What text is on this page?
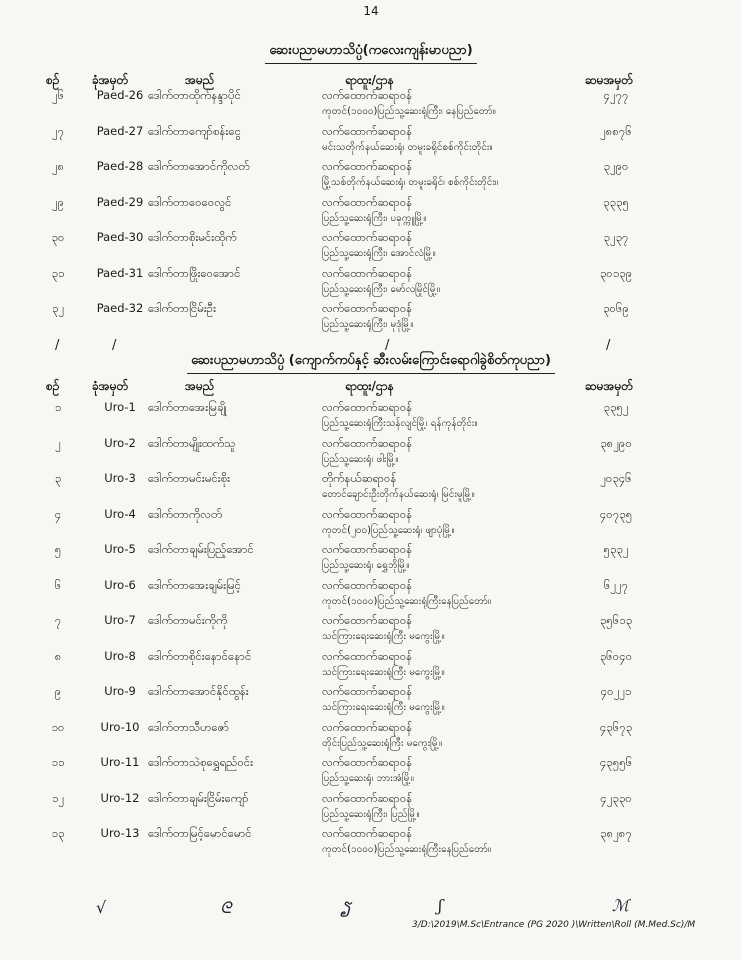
14
ဆေးပညာမဟာသိပ္ပံ(ကလေးကျန်းမာပညာ)
စဉ်	ခုံအမှတ်	အမည်	ရာထူး/ဌာန	ဆမအမှတ်
၂၆	Paed-26 ဒေါက်တာထိုက်နန္ဒာပိုင်	လက်ထောက်ဆရာဝန်
ကုတင်(၁၀၀၀)ပြည်သူ့ဆေးရုံကြီး၊ နေပြည်တော်။
၄၂၇၇
၂၇	Paed-27 ဒေါက်တာကျော်စန်းငွေ	လက်ထောက်ဆရာဝန်
မင်းသတိုက်နယ်ဆေးရုံ၊ တမူးခရိုင်စစ်ကိုင်းတိုင်း။
၂၈၈၇၆
၂၈	Paed-28 ဒေါက်တာအောင်ကိုလတ်	လက်ထောက်ဆရာဝန်
မြို့သစ်တိုက်နယ်ဆေးရုံ၊ တမူးခရိုင်၊ စစ်ကိုင်းတိုင်း။
၃၂၉၀
၂၉	Paed-29 ဒေါက်တာဝေဝေလွင်	လက်ထောက်ဆရာဝန်
ပြည်သူ့ဆေးရုံကြီး၊ ပခုက္ကူမြို့။
၃၃၃၅
၃၀	Paed-30 ဒေါက်တာစိုးမင်းထိုက်	လက်ထောက်ဆရာဝန်
ပြည်သူ့ဆေးရုံကြီး၊ အောင်လံမြို့။
၃၂၃၇
၃၁	Paed-31 ဒေါက်တာဖြိုးဝေအောင်	လက်ထောက်ဆရာဝန်
ပြည်သူ့ဆေးရုံကြီး၊ မော်လမြိုင်မြို့။
၃၀၁၃၉
၃၂	Paed-32 ဒေါက်တာငြိမ်းဦး	လက်ထောက်ဆရာဝန်
ပြည်သူ့ဆေးရုံကြီး၊ မုဒုံမြို့။
၃၀၆၉
/	/	/	/
ဆေးပညာမဟာသိပ္ပံ (ကျောက်ကပ်နှင့် ဆီးလမ်းကြောင်းရောဂါခွဲစိတ်ကုပညာ)
စဉ်	ခုံအမှတ်	အမည်	ရာထူး/ဌာန	ဆမအမှတ်
၁	Uro-1	ဒေါက်တာအေးမြချို	လက်ထောက်ဆရာဝန်
ပြည်သူ့ဆေးရုံကြီးသန်လျင်မြို့၊ ရန်ကုန်တိုင်း။
၃၃၅၂
၂	Uro-2	ဒေါက်တာမျိုးထက်သူ	လက်ထောက်ဆရာဝန်
ပြည်သူ့ဆေးရုံ၊ ဖါးမြို့။
၃၈၂၉၀
၃	Uro-3	ဒေါက်တာမင်းမင်းစိုး	တိုက်နယ်ဆရာဝန်
တောင်ချောင်းဦးတိုက်နယ်ဆေးရုံ၊ မြင်းမူမြို့။
၂၀၃၄၆
၄	Uro-4	ဒေါက်တာကိုလတ်	လက်ထောက်ဆရာဝန်
ကုတင်(၂၀၀)ပြည်သူ့ဆေးရုံ၊ ဖျာပုံမြို့။
၄၀၇၃၅
၅	Uro-5	ဒေါက်တာချမ်းပြည့်အောင်	လက်ထောက်ဆရာဝန်
ပြည်သူ့ဆေးရုံ၊ ရွှေဘိုမြို့။
၅၃၃၂
၆	Uro-6	ဒေါက်တာအေးချမ်းမြင့်	လက်ထောက်ဆရာဝန်
ကုတင်(၁၀၀၀)ပြည်သူ့ဆေးရုံကြီးနေပြည်တော်။
၆၂၂၇
၇	Uro-7	ဒေါက်တာမင်းကိုကို	လက်ထောက်ဆရာဝန်
သင်ကြားရေးဆေးရုံကြီး မကွေးမြို့။
၃၅၆၁၃
၈	Uro-8	ဒေါက်တာစိုင်းနောင်နောင်	လက်ထောက်ဆရာဝန်
သင်ကြားရေးဆေးရုံကြီး မကွေးမြို့။
၃၆၀၄၀
၉	Uro-9	ဒေါက်တာအောင်နိုင်ထွန်း	လက်ထောက်ဆရာဝန်
သင်ကြားရေးဆေးရုံကြီး မကွေးမြို့။
၄၀၂၂၁
၁၀	Uro-10 ဒေါက်တာသီဟဇော်	လက်ထောက်ဆရာဝန်
တိုင်းပြည်သူ့ဆေးရုံကြီး မကွေးမြို့။
၄၃၆၇၃
၁၁	Uro-11 ဒေါက်တာသဲစုရွှေရည်ဝင်း	လက်ထောက်ဆရာဝန်
ပြည်သူ့ဆေးရုံ၊ ဘားအံမြို့။
၄၃၅၅၆
၁၂	Uro-12 ဒေါက်တာချမ်းငြိမ်းကျော်	လက်ထောက်ဆရာဝန်
ပြည်သူ့ဆေးရုံကြီး၊ ပြည်မြို့။
၄၂၃၃၀
၁၃	Uro-13 ဒေါက်တာမြင့်မောင်မောင်	လက်ထောက်ဆရာဝန်
ကုတင်(၁၀၀၀)ပြည်သူ့ဆေးရုံကြီးနေပြည်တော်။
၃၈၂၈၇
√	ᘓ	ຽ	ʃ	ℳ
3/D:\2019\M.Sc\Entrance (PG 2020 )\Written\Roll (M.Med.Sc)/M
